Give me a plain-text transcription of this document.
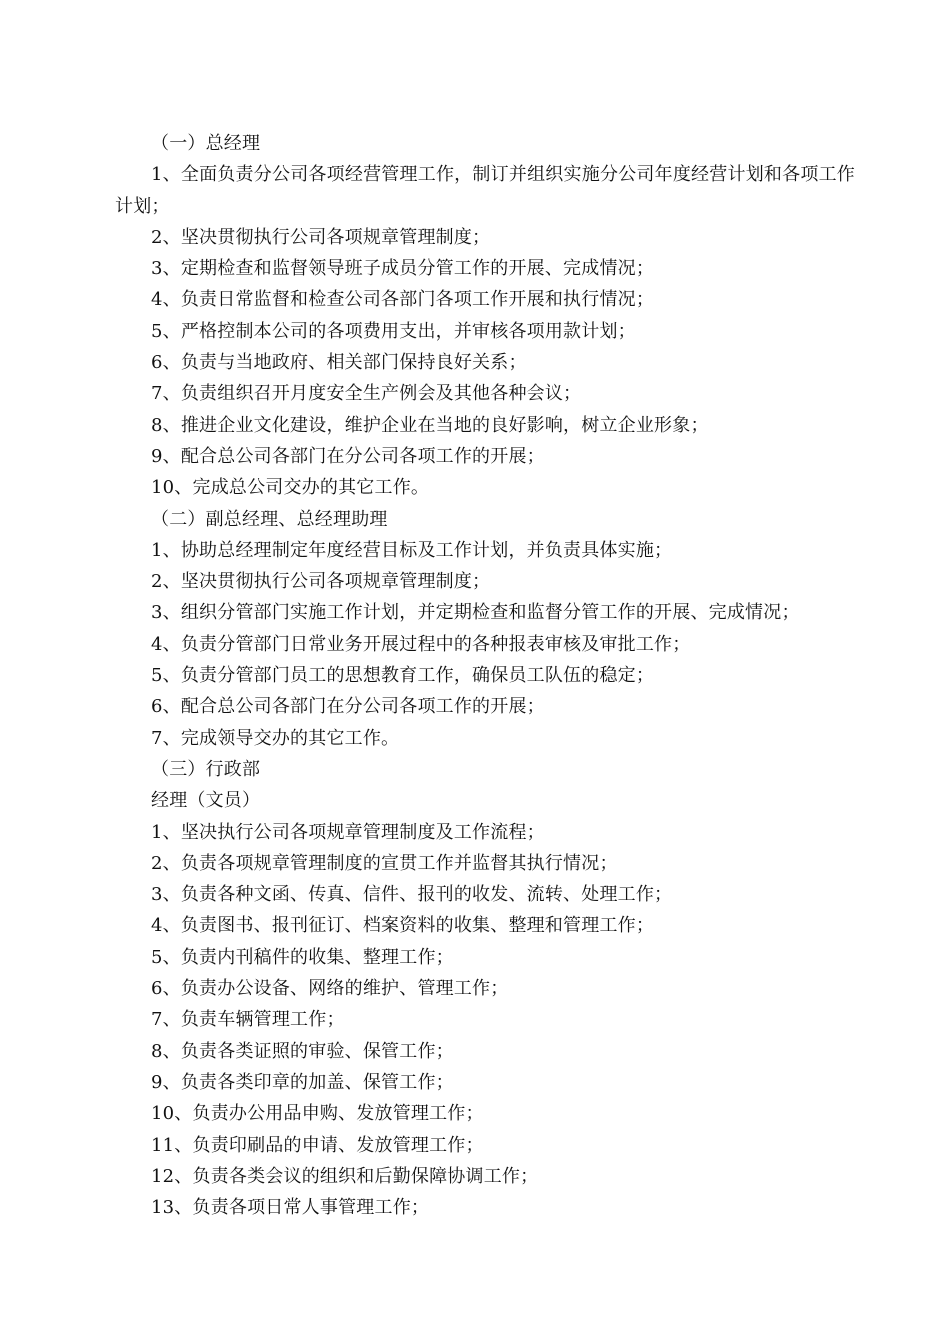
（一）总经理
1、全面负责分公司各项经营管理工作，制订并组织实施分公司年度经营计划和各项工作计划；
2、坚决贯彻执行公司各项规章管理制度；
3、定期检查和监督领导班子成员分管工作的开展、完成情况；
4、负责日常监督和检查公司各部门各项工作开展和执行情况；
5、严格控制本公司的各项费用支出，并审核各项用款计划；
6、负责与当地政府、相关部门保持良好关系；
7、负责组织召开月度安全生产例会及其他各种会议；
8、推进企业文化建设，维护企业在当地的良好影响，树立企业形象；
9、配合总公司各部门在分公司各项工作的开展；
10、完成总公司交办的其它工作。
（二）副总经理、总经理助理
1、协助总经理制定年度经营目标及工作计划，并负责具体实施；
2、坚决贯彻执行公司各项规章管理制度；
3、组织分管部门实施工作计划，并定期检查和监督分管工作的开展、完成情况；
4、负责分管部门日常业务开展过程中的各种报表审核及审批工作；
5、负责分管部门员工的思想教育工作，确保员工队伍的稳定；
6、配合总公司各部门在分公司各项工作的开展；
7、完成领导交办的其它工作。
（三）行政部
经理（文员）
1、坚决执行公司各项规章管理制度及工作流程；
2、负责各项规章管理制度的宣贯工作并监督其执行情况；
3、负责各种文函、传真、信件、报刊的收发、流转、处理工作；
4、负责图书、报刊征订、档案资料的收集、整理和管理工作；
5、负责内刊稿件的收集、整理工作；
6、负责办公设备、网络的维护、管理工作；
7、负责车辆管理工作；
8、负责各类证照的审验、保管工作；
9、负责各类印章的加盖、保管工作；
10、负责办公用品申购、发放管理工作；
11、负责印刷品的申请、发放管理工作；
12、负责各类会议的组织和后勤保障协调工作；
13、负责各项日常人事管理工作；
